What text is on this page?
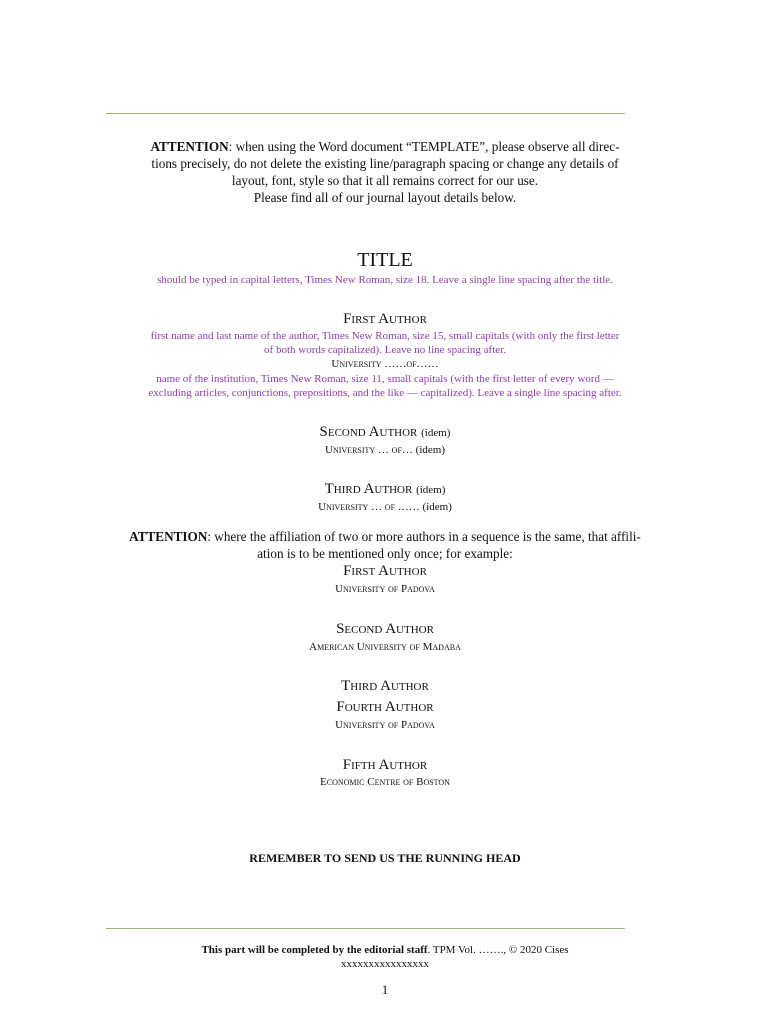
ATTENTION: when using the Word document “TEMPLATE”, please observe all direc-
tions precisely, do not delete the existing line/paragraph spacing or change any details of
layout, font, style so that it all remains correct for our use.
Please find all of our journal layout details below.
TITLE
should be typed in capital letters, Times New Roman, size 18. Leave a single line spacing after the title.
First Author
first name and last name of the author, Times New Roman, size 15, small capitals (with only the first letter
of both words capitalized). Leave no line spacing after.
University ……of……
name of the institution, Times New Roman, size 11, small capitals (with the first letter of every word —
excluding articles, conjunctions, prepositions, and the like — capitalized). Leave a single line spacing after.
Second Author (idem)
University … of… (idem)
Third Author (idem)
University … of …… (idem)
ATTENTION: where the affiliation of two or more authors in a sequence is the same, that affili-
ation is to be mentioned only once; for example:
First Author
University of Padova
Second Author
American University of Madaba
Third Author
Fourth Author
University of Padova
Fifth Author
Economic Centre of Boston
REMEMBER TO SEND US THE RUNNING HEAD
This part will be completed by the editorial staff. TPM Vol. ……., © 2020 Cises
xxxxxxxxxxxxxxxx
1
